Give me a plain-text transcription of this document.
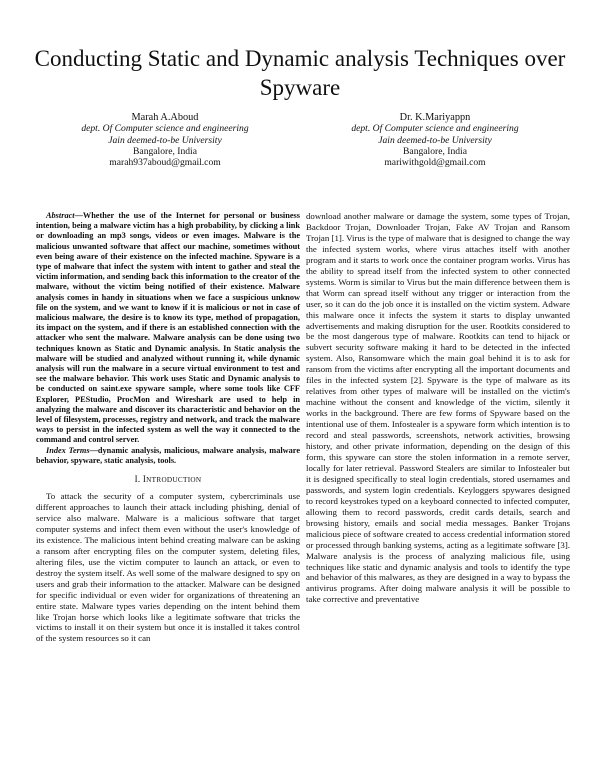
Conducting Static and Dynamic analysis Techniques over Spyware
Marah A.Aboud
dept. Of Computer science and engineering
Jain deemed-to-be University
Bangalore, India
marah937aboud@gmail.com
Dr. K.Mariyappn
dept. Of Computer science and engineering
Jain deemed-to-be University
Bangalore, India
mariwithgold@gmail.com

Abstract—Whether the use of the Internet for personal or business intention, being a malware victim has a high probability, by clicking a link or downloading an mp3 songs, videos or even images. Malware is the malicious unwanted software that affect our machine, sometimes without even being aware of their existence on the infected machine. Spyware is a type of malware that infect the system with intent to gather and steal the victim information, and sending back this information to the creator of the malware, without the victim being notified of their existence. Malware analysis comes in handy in situations when we face a suspicious unknow file on the system, and we want to know if it is malicious or not in case of malicious malware, the desire is to know its type, method of propagation, its impact on the system, and if there is an established connection with the attacker who sent the malware. Malware analysis can be done using two techniques known as Static and Dynamic analysis. In Static analysis the malware will be studied and analyzed without running it, while dynamic analysis will run the malware in a secure virtual environment to test and see the malware behavior. This work uses Static and Dynamic analysis to be conducted on saint.exe spyware sample, where some tools like CFF Explorer, PEStudio, ProcMon and Wireshark are used to help in analyzing the malware and discover its characteristic and behavior on the level of filesystem, processes, registry and network, and track the malware ways to persist in the infected system as well the way it connected to the command and control server.

Index Terms—dynamic analysis, malicious, malware analysis, malware behavior, spyware, static analysis, tools.

I. INTRODUCTION

To attack the security of a computer system, cybercriminals use different approaches to launch their attack including phishing, denial of service also malware. Malware is a malicious software that target computer systems and infect them even without the user's knowledge of its existence. The malicious intent behind creating malware can be asking a ransom after encrypting files on the computer system, deleting files, altering files, use the victim computer to launch an attack, or even to destroy the system itself. As well some of the malware designed to spy on users and grab their information to the attacker. Malware can be designed for specific individual or even wider for organizations of threatening an entire state. Malware types varies depending on the intent behind them like Trojan horse which looks like a legitimate software that tricks the victims to install it on their system but once it is installed it takes control of the system resources so it can

download another malware or damage the system, some types of Trojan, Backdoor Trojan, Downloader Trojan, Fake AV Trojan and Ransom Trojan [1]. Virus is the type of malware that is designed to change the way the infected system works, where virus attaches itself with another program and it starts to work once the container program works. Virus has the ability to spread itself from the infected system to other connected systems. Worm is similar to Virus but the main difference between them is that Worm can spread itself without any trigger or interaction from the user, so it can do the job once it is installed on the victim system. Adware this malware once it infects the system it starts to display unwanted advertisements and making disruption for the user. Rootkits considered to be the most dangerous type of malware. Rootkits can tend to hijack or subvert security software making it hard to be detected in the infected system. Also, Ransomware which the main goal behind it is to ask for ransom from the victims after encrypting all the important documents and files in the infected system [2]. Spyware is the type of malware as its relatives from other types of malware will be installed on the victim's machine without the consent and knowledge of the victim, silently it works in the background. There are few forms of Spyware based on the intentional use of them. Infostealer is a spyware form which intention is to record and steal passwords, screenshots, network activities, browsing history, and other private information, depending on the design of this form, this spyware can store the stolen information in a remote server, locally for later retrieval. Password Stealers are similar to Infostealer but it is designed specifically to steal login credentials, stored usernames and passwords, and system login credentials. Keyloggers spywares designed to record keystrokes typed on a keyboard connected to infected computer, allowing them to record passwords, credit cards details, search and browsing history, emails and social media messages. Banker Trojans malicious piece of software created to access credential information stored or processed through banking systems, acting as a legitimate software [3]. Malware analysis is the process of analyzing malicious file, using techniques like static and dynamic analysis and tools to identify the type and behavior of this malwares, as they are designed in a way to bypass the antivirus programs. After doing malware analysis it will be possible to take corrective and preventative
